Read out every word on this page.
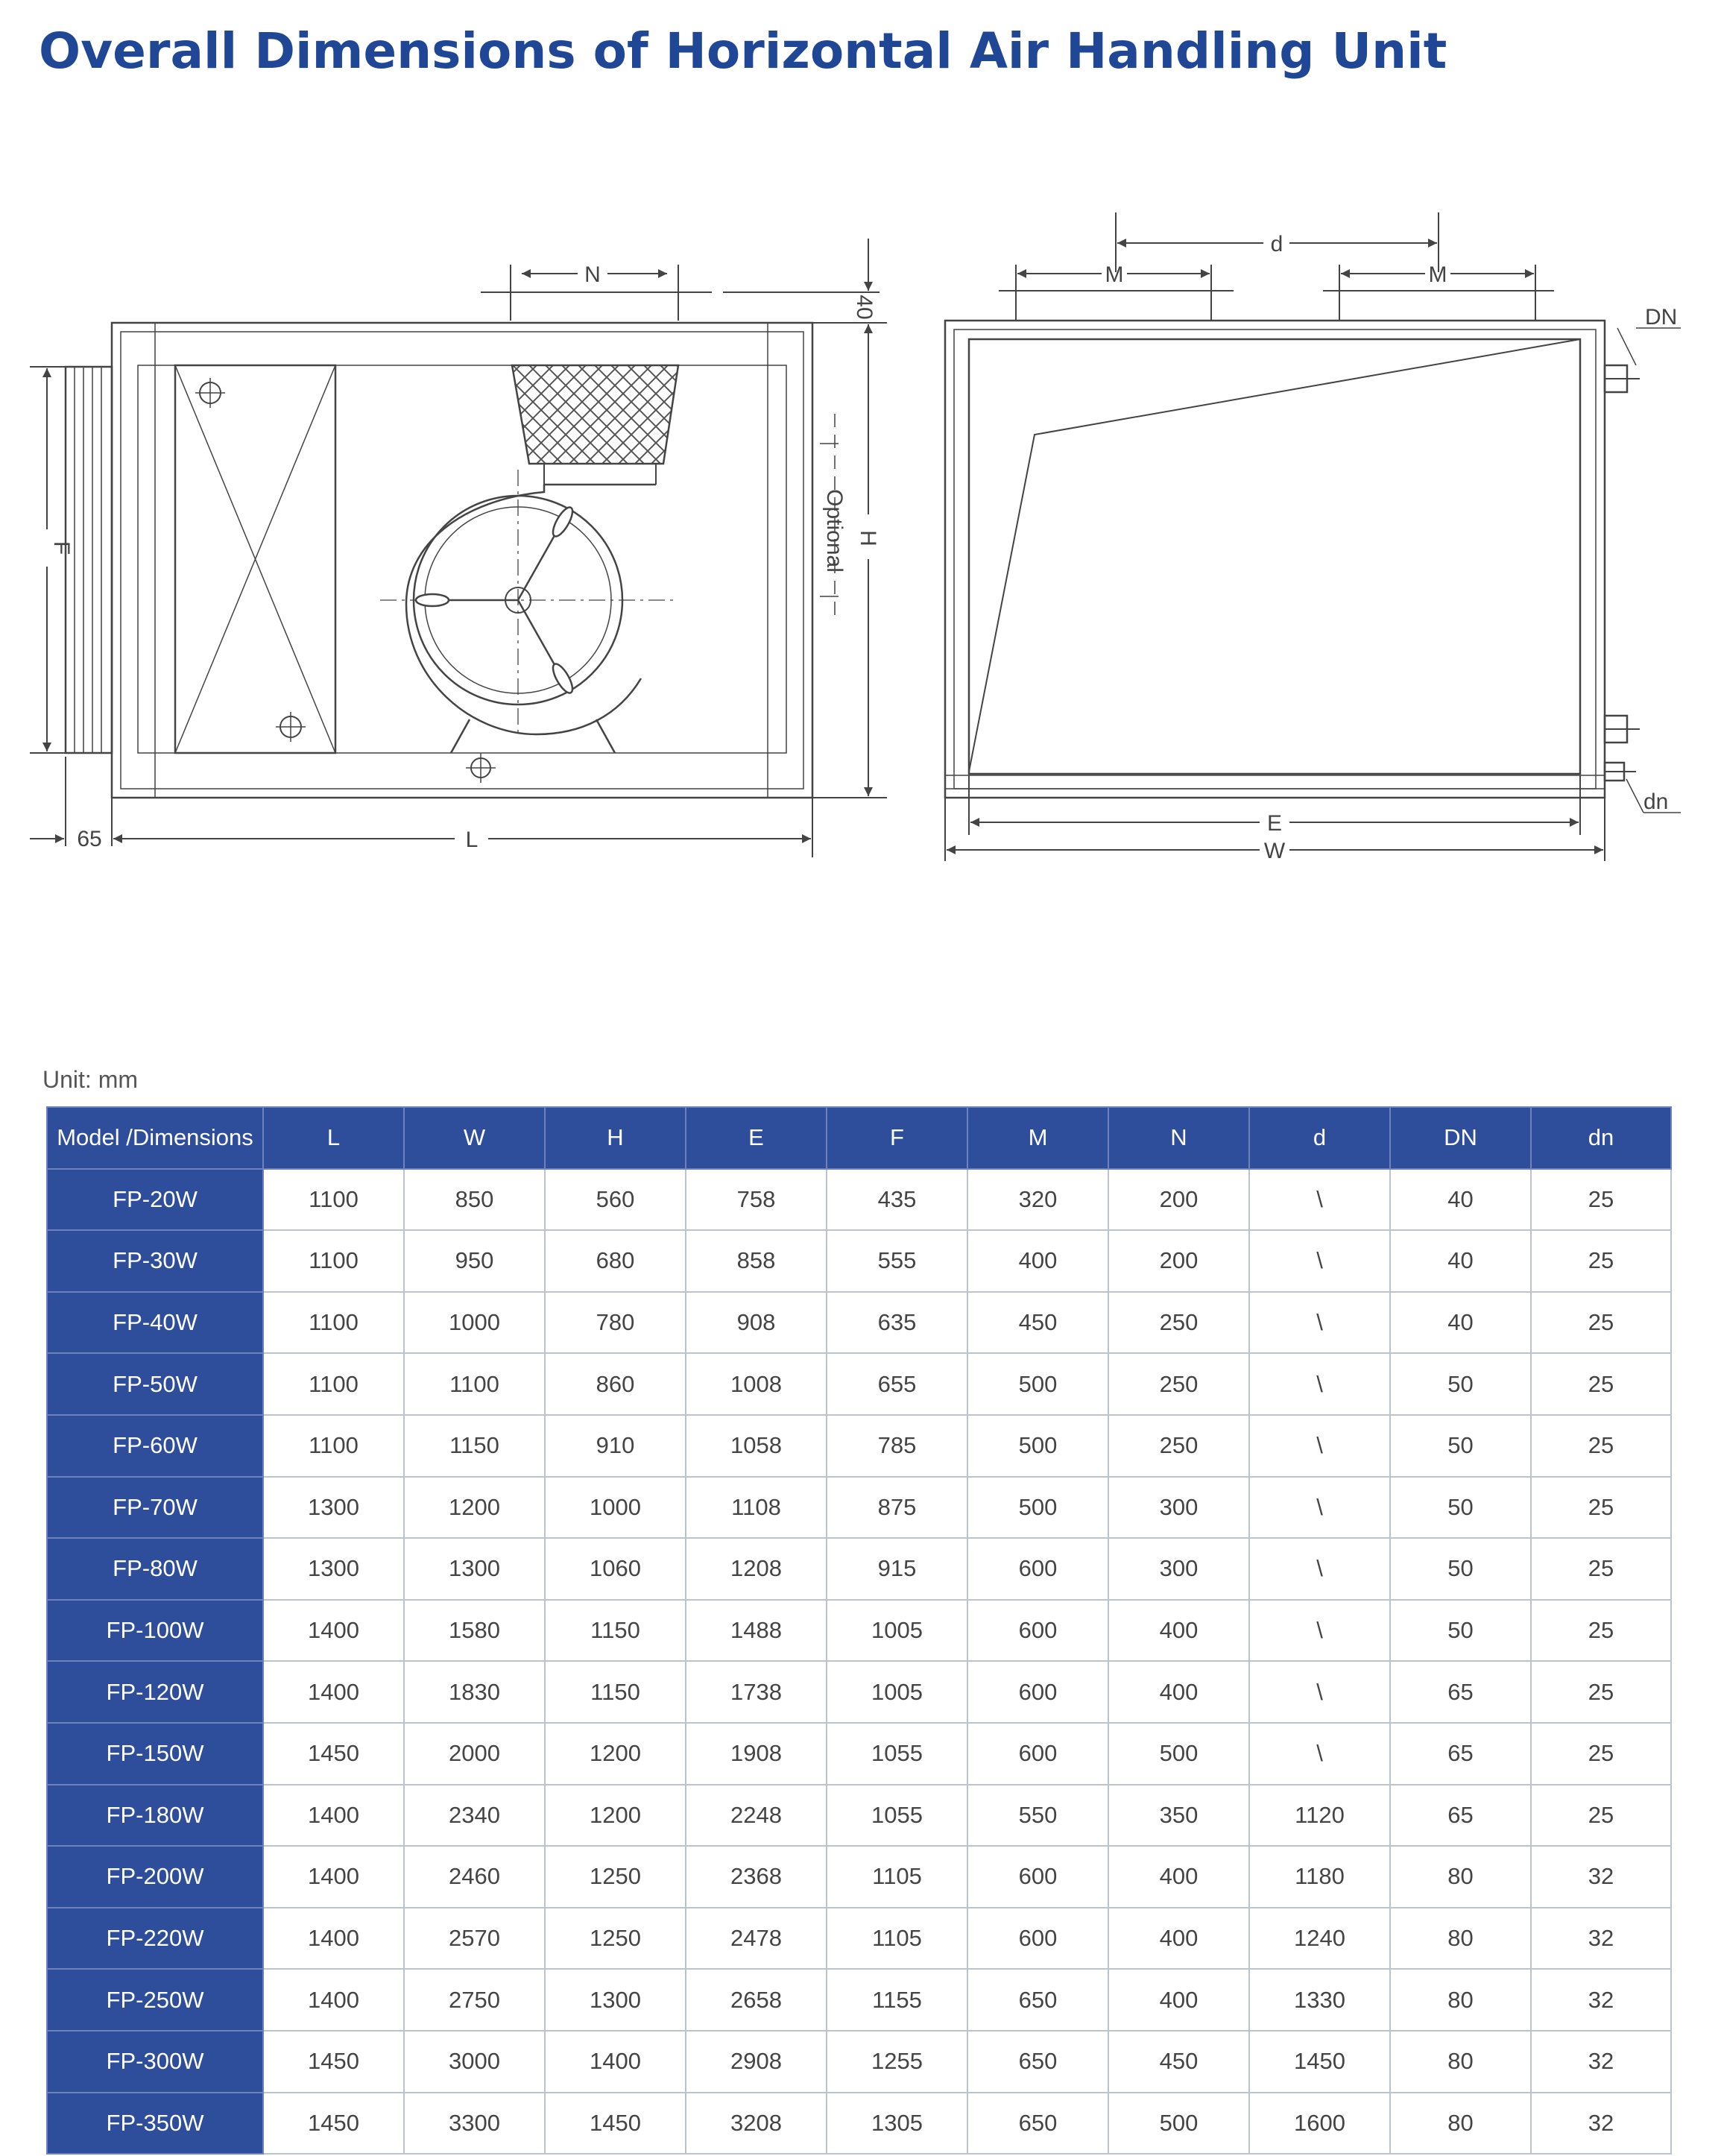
Overall Dimensions of Horizontal Air Handling Unit
N
40
H
Optional
F
65	L
d
M	M
DN
dn
E
W
Unit: mm
Model /Dimensions	L	W	H	E	F	M	N	d	DN	dn
FP-20W	1100	850	560	758	435	320	200	\	40	25
FP-30W	1100	950	680	858	555	400	200	\	40	25
FP-40W	1100	1000	780	908	635	450	250	\	40	25
FP-50W	1100	1100	860	1008	655	500	250	\	50	25
FP-60W	1100	1150	910	1058	785	500	250	\	50	25
FP-70W	1300	1200	1000	1108	875	500	300	\	50	25
FP-80W	1300	1300	1060	1208	915	600	300	\	50	25
FP-100W	1400	1580	1150	1488	1005	600	400	\	50	25
FP-120W	1400	1830	1150	1738	1005	600	400	\	65	25
FP-150W	1450	2000	1200	1908	1055	600	500	\	65	25
FP-180W	1400	2340	1200	2248	1055	550	350	1120	65	25
FP-200W	1400	2460	1250	2368	1105	600	400	1180	80	32
FP-220W	1400	2570	1250	2478	1105	600	400	1240	80	32
FP-250W	1400	2750	1300	2658	1155	650	400	1330	80	32
FP-300W	1450	3000	1400	2908	1255	650	450	1450	80	32
FP-350W	1450	3300	1450	3208	1305	650	500	1600	80	32
